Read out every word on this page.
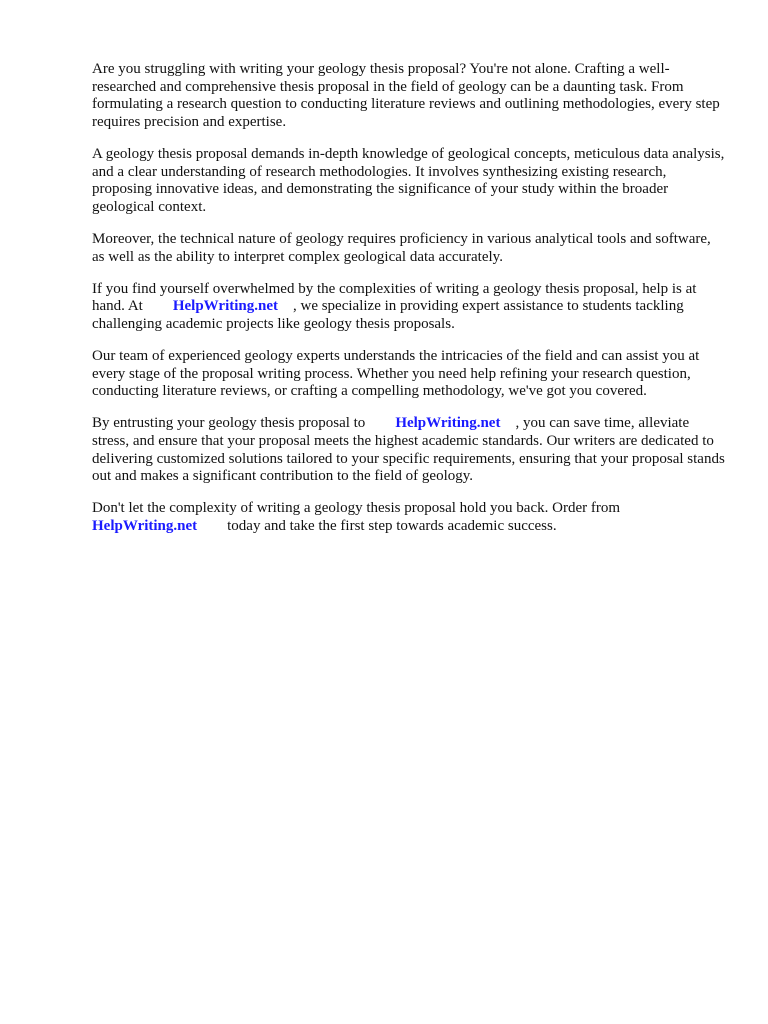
Are you struggling with writing your geology thesis proposal? You're not alone. Crafting a well-researched and comprehensive thesis proposal in the field of geology can be a daunting task. From formulating a research question to conducting literature reviews and outlining methodologies, every step requires precision and expertise.

A geology thesis proposal demands in-depth knowledge of geological concepts, meticulous data analysis, and a clear understanding of research methodologies. It involves synthesizing existing research, proposing innovative ideas, and demonstrating the significance of your study within the broader geological context.

Moreover, the technical nature of geology requires proficiency in various analytical tools and software, as well as the ability to interpret complex geological data accurately.

If you find yourself overwhelmed by the complexities of writing a geology thesis proposal, help is at hand. At HelpWriting.net , we specialize in providing expert assistance to students tackling challenging academic projects like geology thesis proposals.

Our team of experienced geology experts understands the intricacies of the field and can assist you at every stage of the proposal writing process. Whether you need help refining your research question, conducting literature reviews, or crafting a compelling methodology, we've got you covered.

By entrusting your geology thesis proposal to HelpWriting.net , you can save time, alleviate stress, and ensure that your proposal meets the highest academic standards. Our writers are dedicated to delivering customized solutions tailored to your specific requirements, ensuring that your proposal stands out and makes a significant contribution to the field of geology.

Don't let the complexity of writing a geology thesis proposal hold you back. Order from HelpWriting.net today and take the first step towards academic success.
